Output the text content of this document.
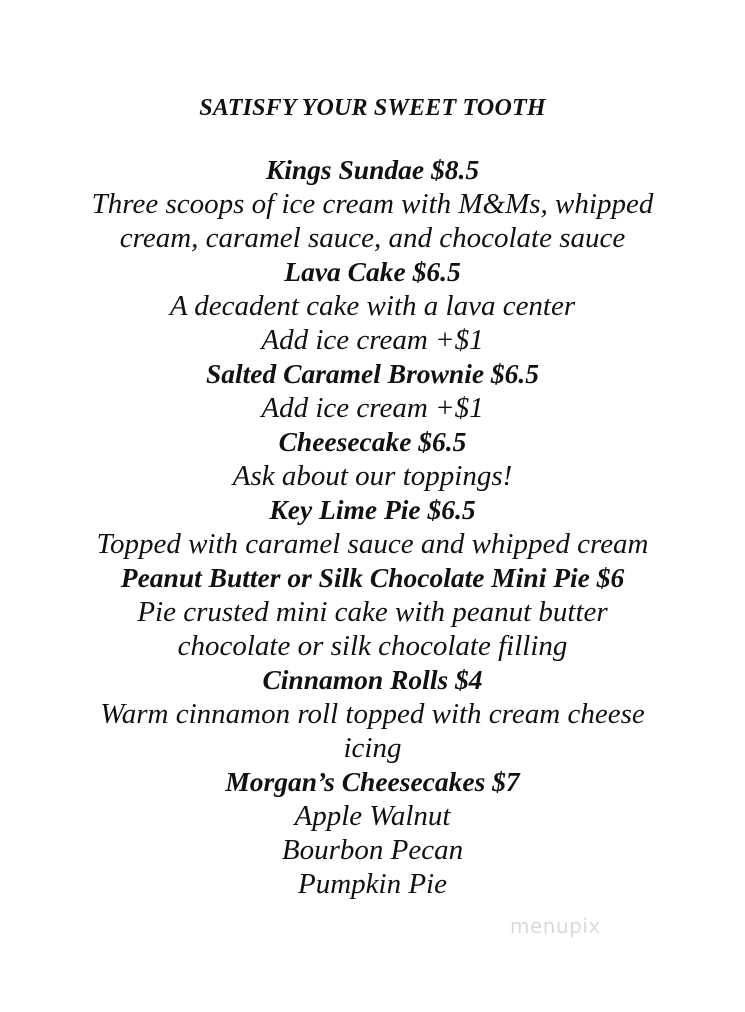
SATISFY YOUR SWEET TOOTH
Kings Sundae $8.5
Three scoops of ice cream with M&Ms, whipped
cream, caramel sauce, and chocolate sauce
Lava Cake $6.5
A decadent cake with a lava center
Add ice cream +$1
Salted Caramel Brownie $6.5
Add ice cream +$1
Cheesecake $6.5
Ask about our toppings!
Key Lime Pie $6.5
Topped with caramel sauce and whipped cream
Peanut Butter or Silk Chocolate Mini Pie $6
Pie crusted mini cake with peanut butter
chocolate or silk chocolate filling
Cinnamon Rolls $4
Warm cinnamon roll topped with cream cheese
icing
Morgan’s Cheesecakes $7
Apple Walnut
Bourbon Pecan
Pumpkin Pie
menupix
